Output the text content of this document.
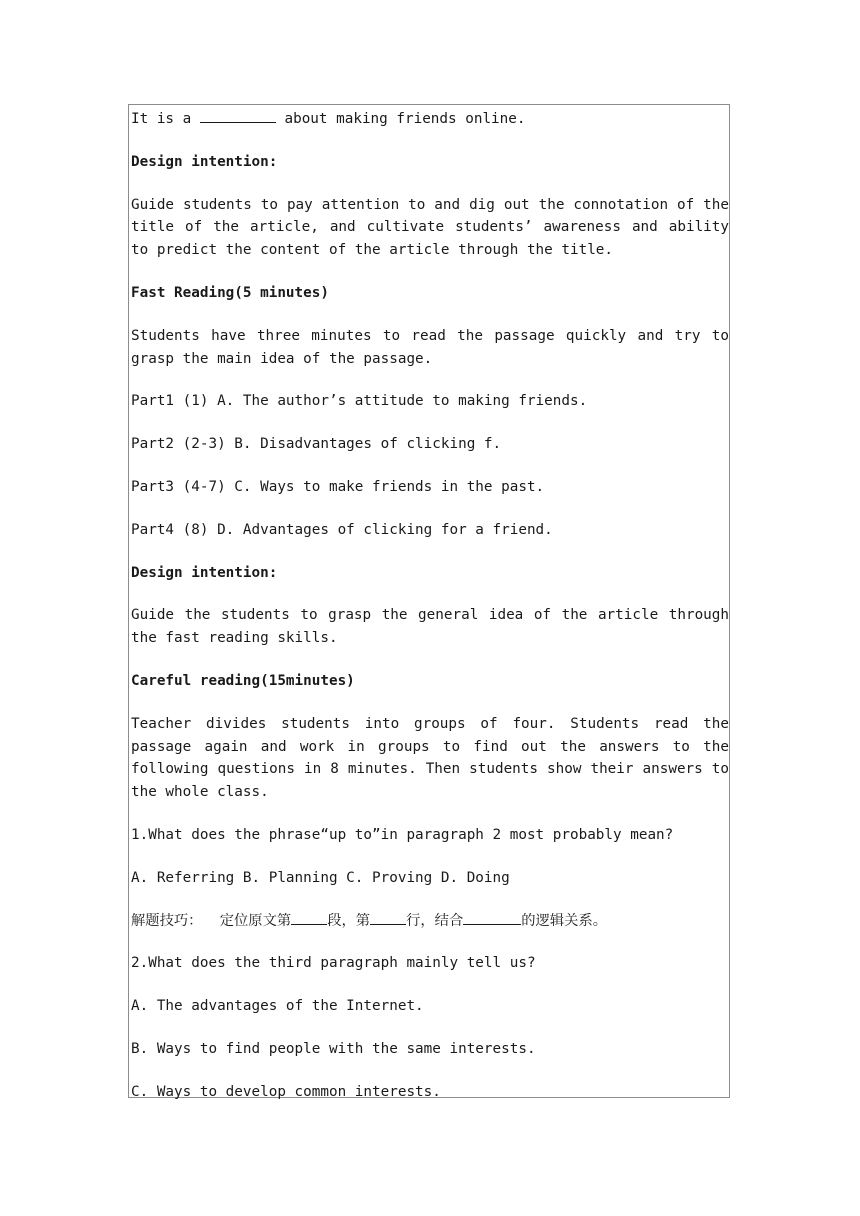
It is a	about making friends online.

Design intention:

Guide students to pay attention to and dig out the connotation of the title of the article, and cultivate students’ awareness and ability to predict the content of the article through the title.

Fast Reading(5 minutes)

Students have three minutes to read the passage quickly and try to grasp the main idea of the passage.

Part1 (1) A. The author’s attitude to making friends.

Part2 (2-3) B. Disadvantages of clicking f.

Part3 (4-7) C. Ways to make friends in the past.

Part4 (8) D. Advantages of clicking for a friend.

Design intention:

Guide the students to grasp the general idea of the article through the fast reading skills.

Careful reading(15minutes)

Teacher divides students into groups of four. Students read the passage again and work in groups to find out the answers to the following questions in 8 minutes. Then students show their answers to the whole class.

1.What does the phrase“up to”in paragraph 2 most probably mean?

A. Referring B. Planning C. Proving D. Doing

解题技巧：  定位原文第	段，第	行，结合	的逻辑关系。

2.What does the third paragraph mainly tell us?

A. The advantages of the Internet.

B. Ways to find people with the same interests.

C. Ways to develop common interests.
